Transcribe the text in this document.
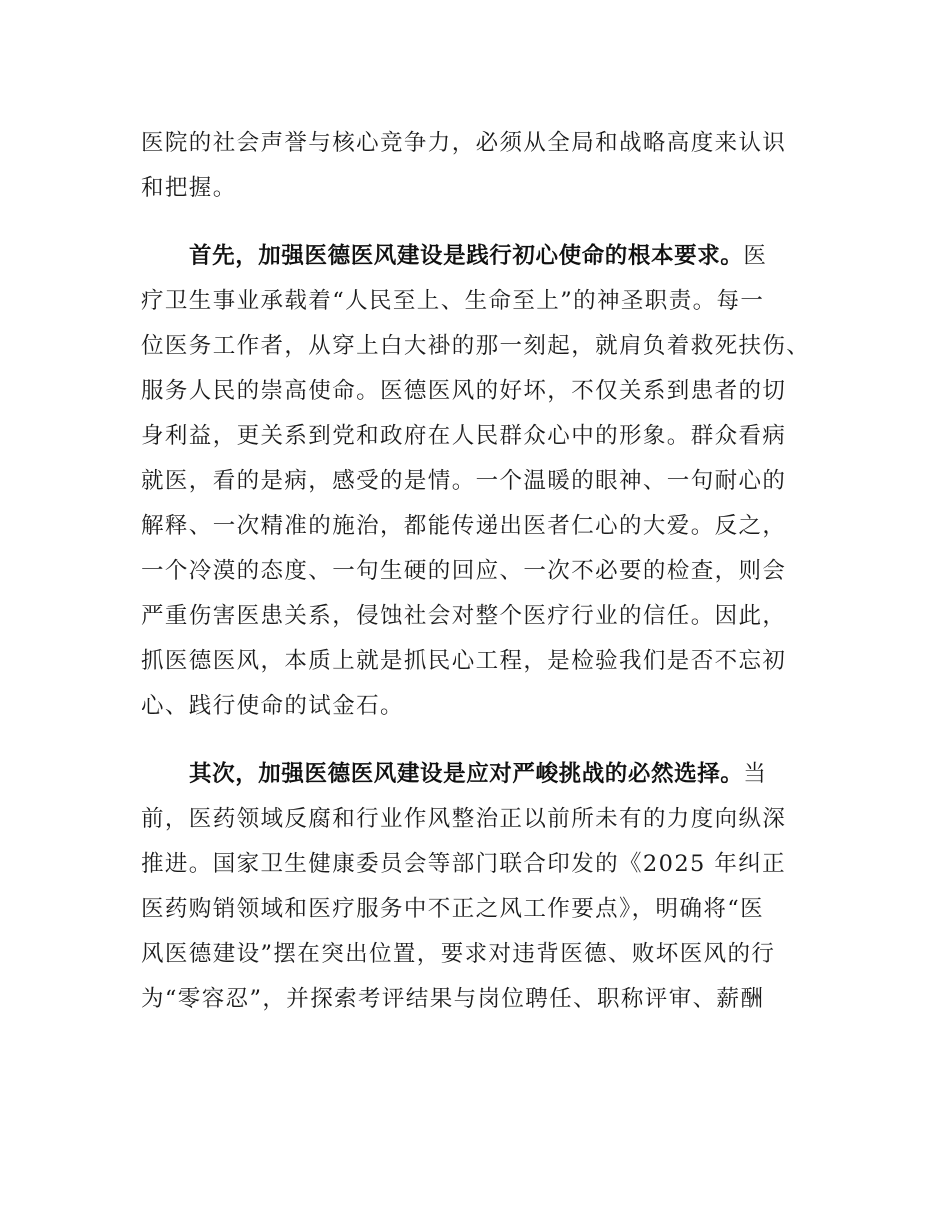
医院的社会声誉与核心竞争力，必须从全局和战略高度来认识
和把握。
首先，加强医德医风建设是践行初心使命的根本要求。医
疗卫生事业承载着“人民至上、生命至上”的神圣职责。每一
位医务工作者，从穿上白大褂的那一刻起，就肩负着救死扶伤、
服务人民的崇高使命。医德医风的好坏，不仅关系到患者的切
身利益，更关系到党和政府在人民群众心中的形象。群众看病
就医，看的是病，感受的是情。一个温暖的眼神、一句耐心的
解释、一次精准的施治，都能传递出医者仁心的大爱。反之，
一个冷漠的态度、一句生硬的回应、一次不必要的检查，则会
严重伤害医患关系，侵蚀社会对整个医疗行业的信任。因此，
抓医德医风，本质上就是抓民心工程，是检验我们是否不忘初
心、践行使命的试金石。
其次，加强医德医风建设是应对严峻挑战的必然选择。当
前，医药领域反腐和行业作风整治正以前所未有的力度向纵深
推进。国家卫生健康委员会等部门联合印发的《2025 年纠正
医药购销领域和医疗服务中不正之风工作要点》，明确将“医
风医德建设”摆在突出位置，要求对违背医德、败坏医风的行
为“零容忍”，并探索考评结果与岗位聘任、职称评审、薪酬
